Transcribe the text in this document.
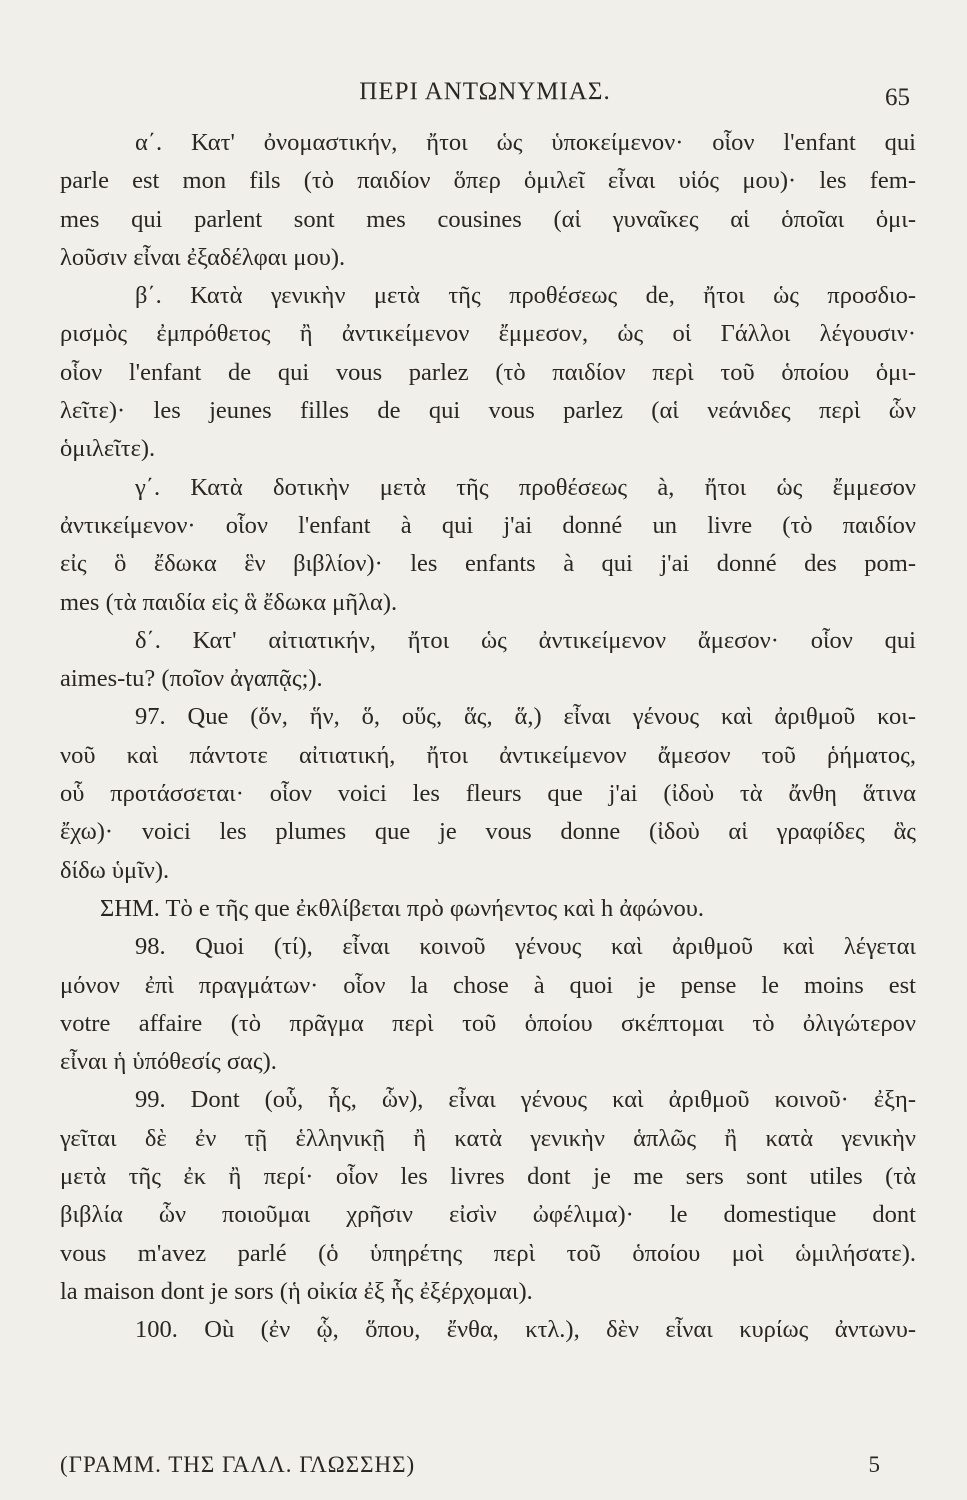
ΠΕΡΙ ΑΝΤΩΝΥΜΙΑΣ.	65

α΄. Κατ' ὀνομαστικήν, ἤτοι ὡς ὑποκείμενον· οἷον l'enfant qui

parle est mon fils (τὸ παιδίον ὅπερ ὁμιλεῖ εἶναι υἱός μου)· les fem-

mes qui parlent sont mes cousines (αἱ γυναῖκες αἱ ὁποῖαι ὁμι-

λοῦσιν εἶναι ἐξαδέλφαι μου).

β΄. Κατὰ γενικὴν μετὰ τῆς προθέσεως de, ἤτοι ὡς προσδιο-

ρισμὸς ἐμπρόθετος ἢ ἀντικείμενον ἔμμεσον, ὡς οἱ Γάλλοι λέγουσιν·

οἷον l'enfant de qui vous parlez (τὸ παιδίον περὶ τοῦ ὁποίου ὁμι-

λεῖτε)· les jeunes filles de qui vous parlez (αἱ νεάνιδες περὶ ὧν

ὁμιλεῖτε).

γ΄. Κατὰ δοτικὴν μετὰ τῆς προθέσεως à, ἤτοι ὡς ἔμμεσον

ἀντικείμενον· οἷον l'enfant à qui j'ai donné un livre (τὸ παιδίον

εἰς ὃ ἔδωκα ἓν βιβλίον)· les enfants à qui j'ai donné des pom-

mes (τὰ παιδία εἰς ἃ ἔδωκα μῆλα).

δ΄. Κατ' αἰτιατικήν, ἤτοι ὡς ἀντικείμενον ἄμεσον· οἷον qui

aimes-tu? (ποῖον ἀγαπᾷς;).

97. Que (ὅν, ἥν, ὅ, οὕς, ἅς, ἅ,) εἶναι γένους καὶ ἀριθμοῦ κοι-

νοῦ καὶ πάντοτε αἰτιατική, ἤτοι ἀντικείμενον ἄμεσον τοῦ ῥήματος,

οὗ προτάσσεται· οἷον voici les fleurs que j'ai (ἰδοὺ τὰ ἄνθη ἅτινα

ἔχω)· voici les plumes que je vous donne (ἰδοὺ αἱ γραφίδες ἃς

δίδω ὑμῖν).

ΣΗΜ. Τὸ e τῆς que ἐκθλίβεται πρὸ φωνήεντος καὶ h ἀφώνου.

98. Quoi (τί), εἶναι κοινοῦ γένους καὶ ἀριθμοῦ καὶ λέγεται

μόνον ἐπὶ πραγμάτων· οἷον la chose à quoi je pense le moins est

votre affaire (τὸ πρᾶγμα περὶ τοῦ ὁποίου σκέπτομαι τὸ ὀλιγώτερον

εἶναι ἡ ὑπόθεσίς σας).

99. Dont (οὗ, ἧς, ὧν), εἶναι γένους καὶ ἀριθμοῦ κοινοῦ· ἐξη-

γεῖται δὲ ἐν τῇ ἑλληνικῇ ἢ κατὰ γενικὴν ἁπλῶς ἢ κατὰ γενικὴν

μετὰ τῆς ἐκ ἢ περί· οἷον les livres dont je me sers sont utiles (τὰ

βιβλία ὧν ποιοῦμαι χρῆσιν εἰσὶν ὠφέλιμα)· le domestique dont

vous m'avez parlé (ὁ ὑπηρέτης περὶ τοῦ ὁποίου μοὶ ὡμιλήσατε).

la maison dont je sors (ἡ οἰκία ἐξ ἧς ἐξέρχομαι).

100. Où (ἐν ᾧ, ὅπου, ἔνθα, κτλ.), δὲν εἶναι κυρίως ἀντωνυ-

(ΓΡΑΜΜ. ΤΗΣ ΓΑΛΛ. ΓΛΩΣΣΗΣ)	5
